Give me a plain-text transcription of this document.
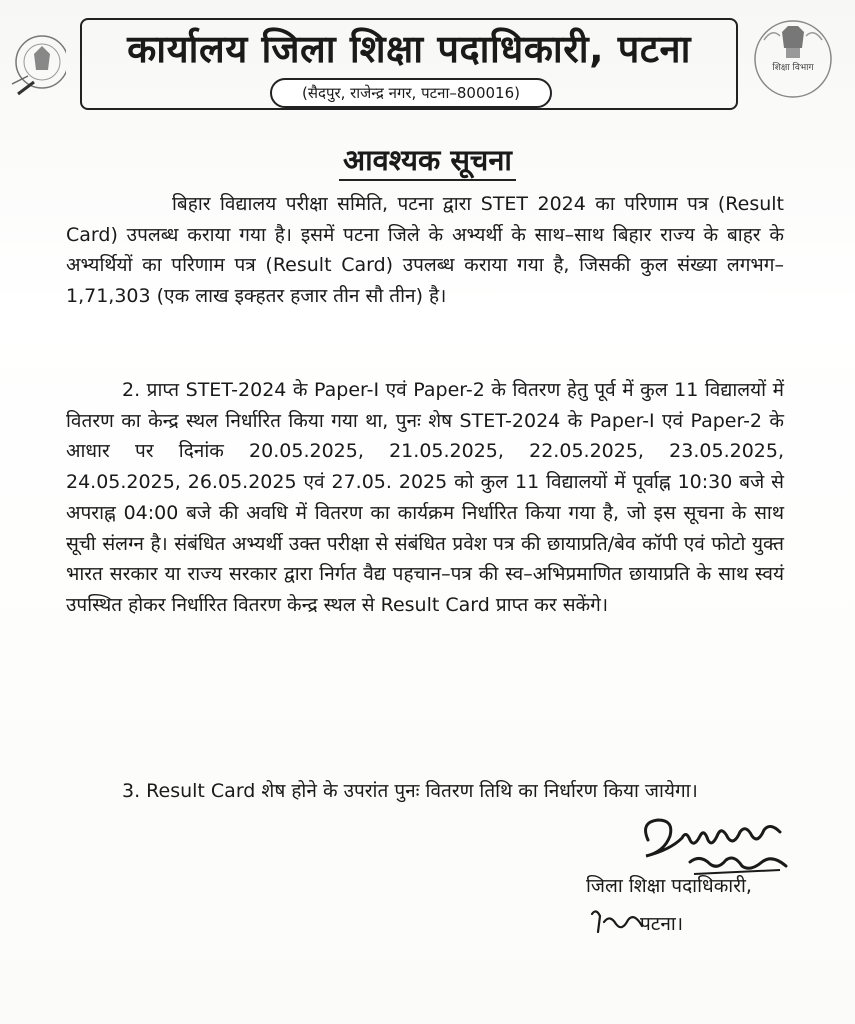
कार्यालय जिला शिक्षा पदाधिकारी, पटना
(सैदपुर, राजेन्द्र नगर, पटना–800016)
शिक्षा विभाग
आवश्यक सूचना
बिहार विद्यालय परीक्षा समिति, पटना द्वारा STET 2024 का परिणाम पत्र (Result Card) उपलब्ध कराया गया है। इसमें पटना जिले के अभ्यर्थी के साथ–साथ बिहार राज्य के बाहर के अभ्यर्थियों का परिणाम पत्र (Result Card) उपलब्ध कराया गया है, जिसकी कुल संख्या लगभग–1,71,303 (एक लाख इक्हतर हजार तीन सौ तीन) है।
2. प्राप्त STET-2024 के Paper-I एवं Paper-2 के वितरण हेतु पूर्व में कुल 11 विद्यालयों में वितरण का केन्द्र स्थल निर्धारित किया गया था, पुनः शेष STET-2024 के Paper-I एवं Paper-2 के आधार पर दिनांक 20.05.2025, 21.05.2025, 22.05.2025, 23.05.2025, 24.05.2025, 26.05.2025 एवं 27.05. 2025 को कुल 11 विद्यालयों में पूर्वाह्न 10:30 बजे से अपराह्न 04:00 बजे की अवधि में वितरण का कार्यक्रम निर्धारित किया गया है, जो इस सूचना के साथ सूची संलग्न है। संबंधित अभ्यर्थी उक्त परीक्षा से संबंधित प्रवेश पत्र की छायाप्रति/बेव कॉपी एवं फोटो युक्त भारत सरकार या राज्य सरकार द्वारा निर्गत वैद्य पहचान–पत्र की स्व–अभिप्रमाणित छायाप्रति के साथ स्वयं उपस्थित होकर निर्धारित वितरण केन्द्र स्थल से Result Card प्राप्त कर सकेंगे।
3. Result Card शेष होने के उपरांत पुनः वितरण तिथि का निर्धारण किया जायेगा।
जिला शिक्षा पदाधिकारी,
पटना।
